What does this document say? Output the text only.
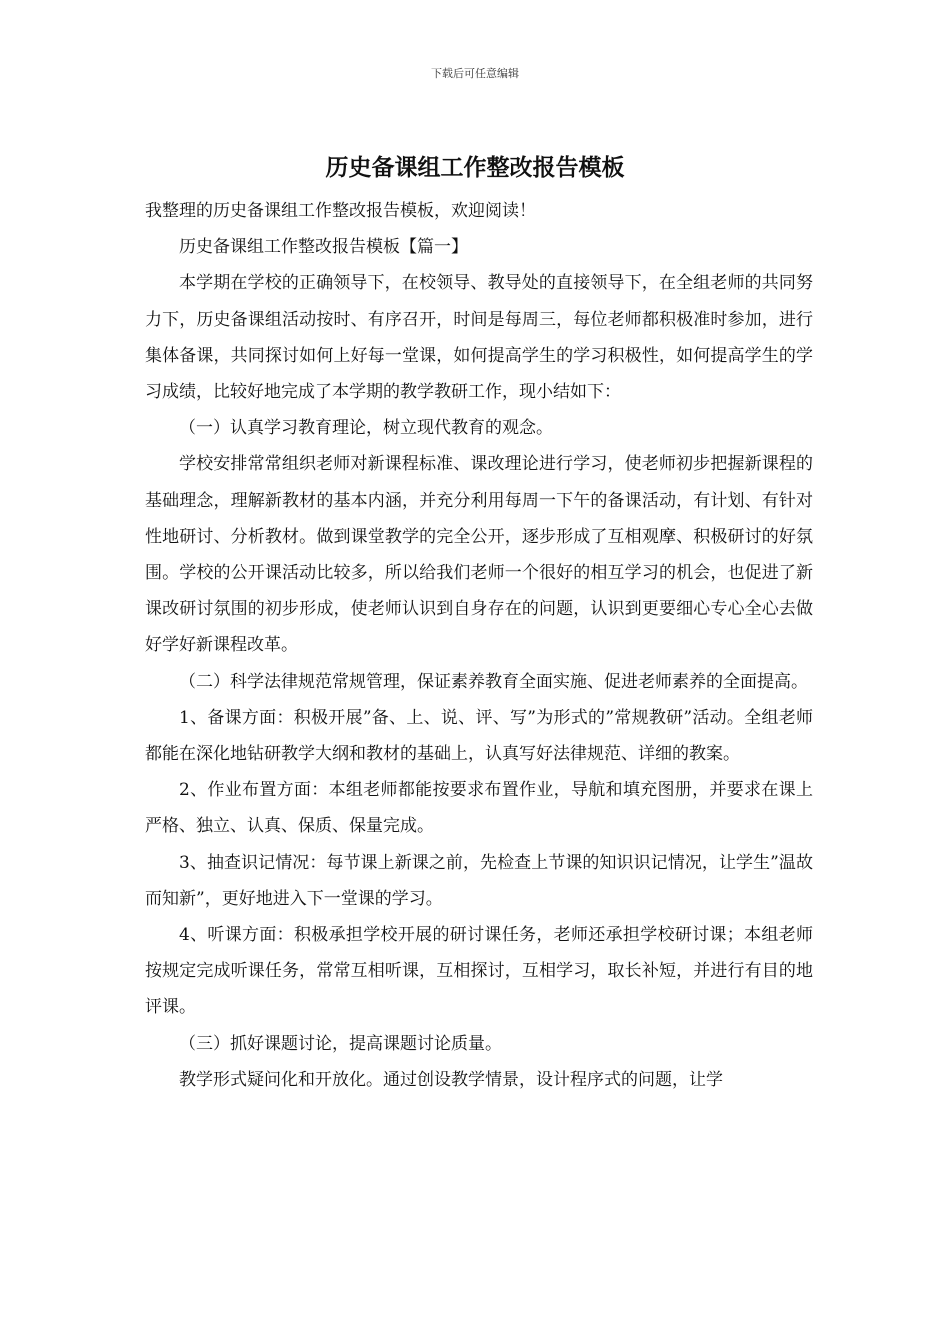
下载后可任意编辑
历史备课组工作整改报告模板

我整理的历史备课组工作整改报告模板，欢迎阅读！

历史备课组工作整改报告模板【篇一】

本学期在学校的正确领导下，在校领导、教导处的直接领导下，在全组老师的共同努力下，历史备课组活动按时、有序召开，时间是每周三，每位老师都积极准时参加，进行集体备课，共同探讨如何上好每一堂课，如何提高学生的学习积极性，如何提高学生的学习成绩，比较好地完成了本学期的教学教研工作，现小结如下：

（一）认真学习教育理论，树立现代教育的观念。

学校安排常常组织老师对新课程标准、课改理论进行学习，使老师初步把握新课程的基础理念，理解新教材的基本内涵，并充分利用每周一下午的备课活动，有计划、有针对性地研讨、分析教材。做到课堂教学的完全公开，逐步形成了互相观摩、积极研讨的好氛围。学校的公开课活动比较多，所以给我们老师一个很好的相互学习的机会，也促进了新课改研讨氛围的初步形成，使老师认识到自身存在的问题，认识到更要细心专心全心去做好学好新课程改革。

（二）科学法律规范常规管理，保证素养教育全面实施、促进老师素养的全面提高。

1、备课方面：积极开展”备、上、说、评、写”为形式的”常规教研”活动。全组老师都能在深化地钻研教学大纲和教材的基础上，认真写好法律规范、详细的教案。

2、作业布置方面：本组老师都能按要求布置作业，导航和填充图册，并要求在课上严格、独立、认真、保质、保量完成。

3、抽查识记情况：每节课上新课之前，先检查上节课的知识识记情况，让学生”温故而知新”，更好地进入下一堂课的学习。

4、听课方面：积极承担学校开展的研讨课任务，老师还承担学校研讨课；本组老师按规定完成听课任务，常常互相听课，互相探讨，互相学习，取长补短，并进行有目的地评课。

（三）抓好课题讨论，提高课题讨论质量。

教学形式疑问化和开放化。通过创设教学情景，设计程序式的问题，让学
